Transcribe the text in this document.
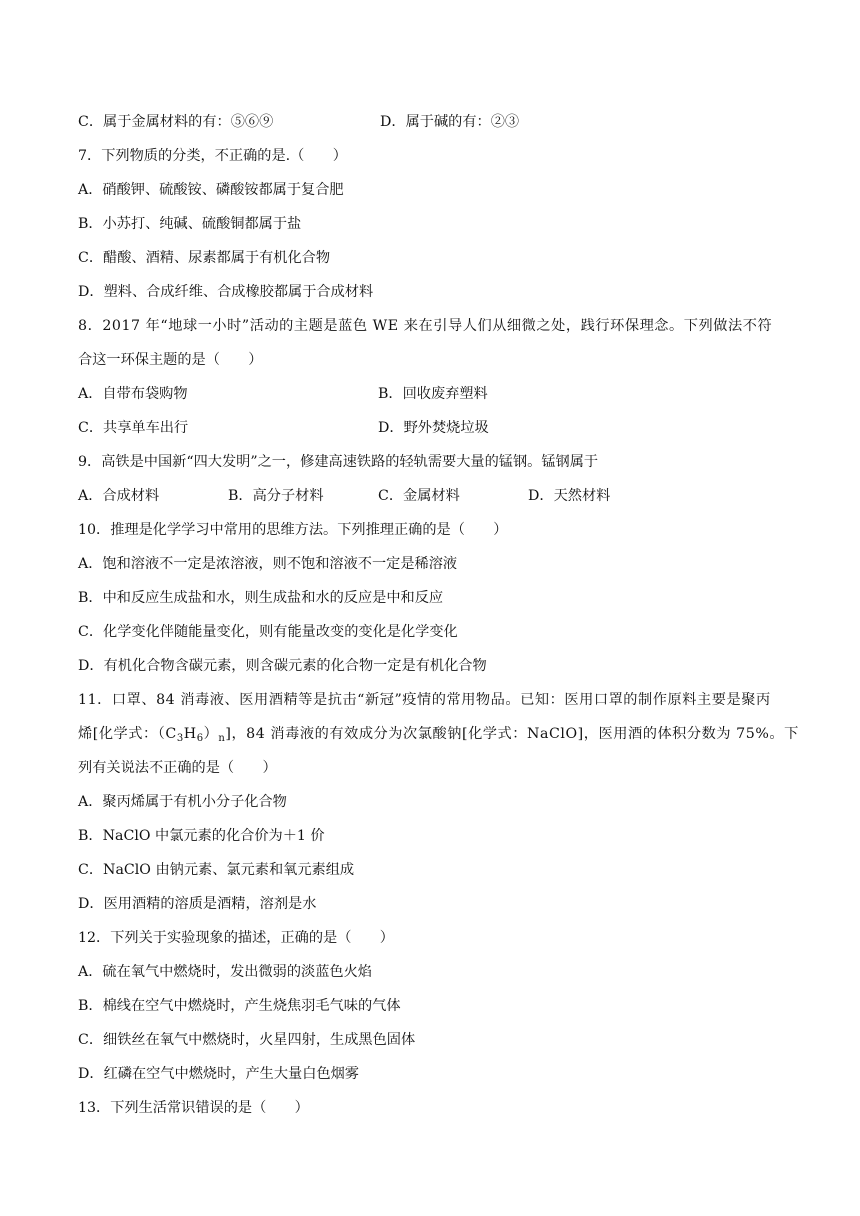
C．属于金属材料的有：⑤⑥⑨	D．属于碱的有：②③
7．下列物质的分类，不正确的是.（　　）
A．硝酸钾、硫酸铵、磷酸铵都属于复合肥
B．小苏打、纯碱、硫酸铜都属于盐
C．醋酸、酒精、尿素都属于有机化合物
D．塑料、合成纤维、合成橡胶都属于合成材料
8．2017 年“地球一小时”活动的主题是蓝色 WE 来在引导人们从细微之处，践行环保理念。下列做法不符
合这一环保主题的是（　　）
A．自带布袋购物	B．回收废弃塑料
C．共享单车出行	D．野外焚烧垃圾
9．高铁是中国新“四大发明”之一，修建高速铁路的轻轨需要大量的锰钢。锰钢属于
A．合成材料	B．高分子材料	C．金属材料	D．天然材料
10．推理是化学学习中常用的思维方法。下列推理正确的是（　　）
A．饱和溶液不一定是浓溶液，则不饱和溶液不一定是稀溶液
B．中和反应生成盐和水，则生成盐和水的反应是中和反应
C．化学变化伴随能量变化，则有能量改变的变化是化学变化
D．有机化合物含碳元素，则含碳元素的化合物一定是有机化合物
11．口罩、84 消毒液、医用酒精等是抗击“新冠”疫情的常用物品。已知：医用口罩的制作原料主要是聚丙
烯[化学式：$(C_3H_6)_n$]，84 消毒液的有效成分为次氯酸钠[化学式：NaClO]，医用酒的体积分数为 75%。下
列有关说法不正确的是（　　）
A．聚丙烯属于有机小分子化合物
B．NaClO 中氯元素的化合价为＋1 价
C．NaClO 由钠元素、氯元素和氧元素组成
D．医用酒精的溶质是酒精，溶剂是水
12．下列关于实验现象的描述，正确的是（　　）
A．硫在氧气中燃烧时，发出微弱的淡蓝色火焰
B．棉线在空气中燃烧时，产生烧焦羽毛气味的气体
C．细铁丝在氧气中燃烧时，火星四射，生成黑色固体
D．红磷在空气中燃烧时，产生大量白色烟雾
13．下列生活常识错误的是（　　）
